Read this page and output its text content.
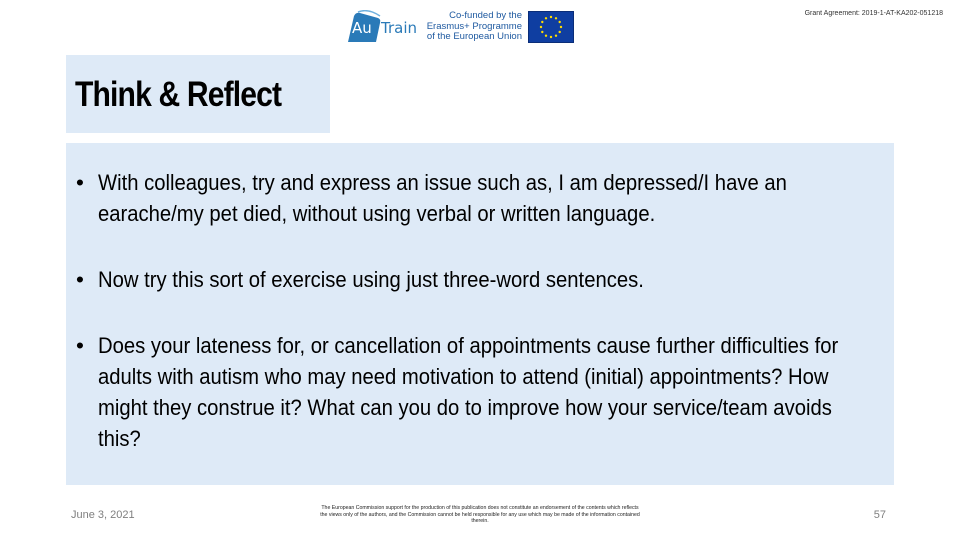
Au Train
Co-funded by the
Erasmus+ Programme
of the European Union
Grant Agreement: 2019-1-AT-KA202-051218
Think & Reflect
• With colleagues, try and express an issue such as, I am depressed/I have an earache/my pet died, without using verbal or written language.
• Now try this sort of exercise using just three-word sentences.
• Does your lateness for, or cancellation of appointments cause further difficulties for adults with autism who may need motivation to attend (initial) appointments? How might they construe it? What can you do to improve how your service/team avoids this?
June 3, 2021
The European Commission support for the production of this publication does not constitute an endorsement of the contents which reflects the views only of the authors, and the Commission cannot be held responsible for any use which may be made of the information contained therein.	57
